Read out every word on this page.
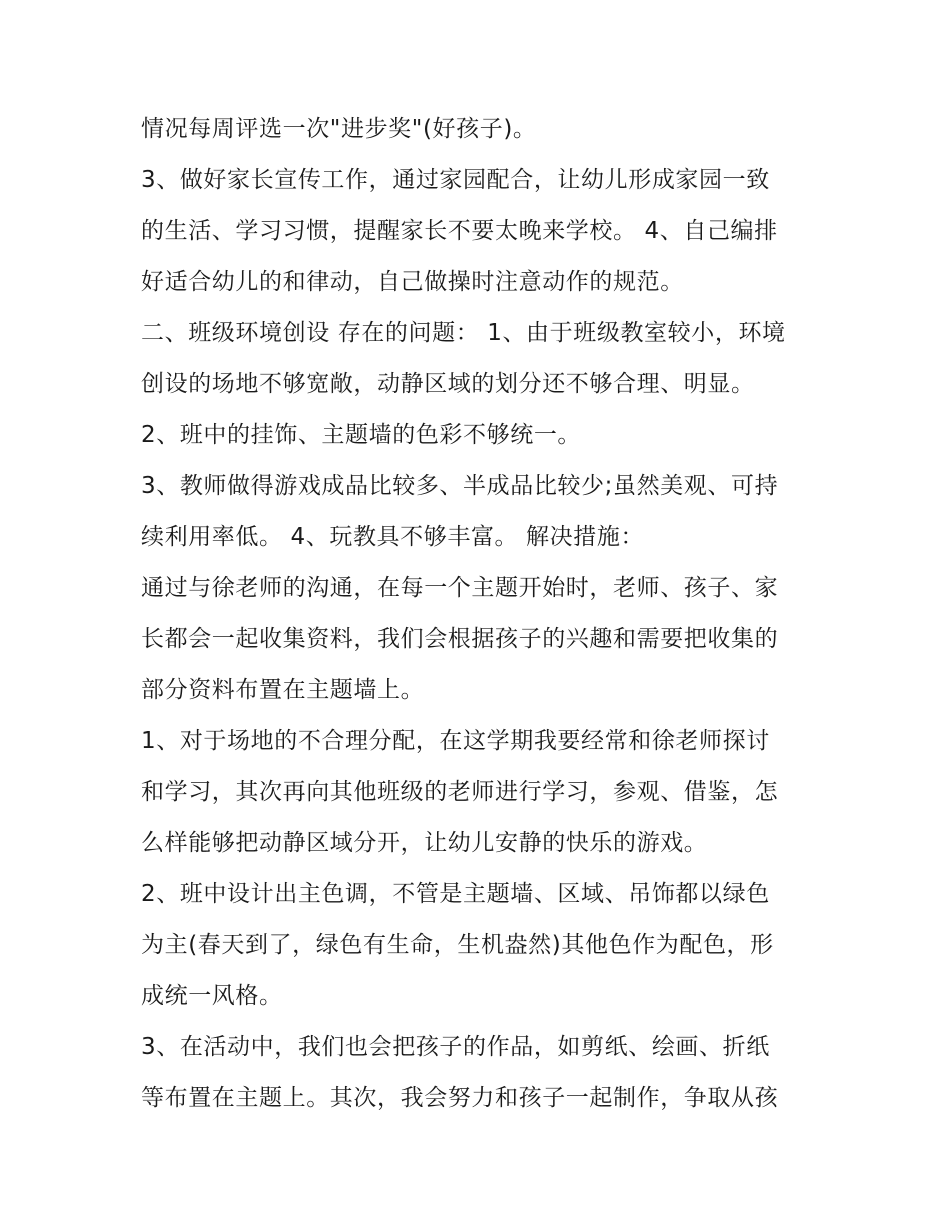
情况每周评选一次"进步奖"(好孩子)。
3、做好家长宣传工作，通过家园配合，让幼儿形成家园一致
的生活、学习习惯，提醒家长不要太晚来学校。 4、自己编排
好适合幼儿的和律动，自己做操时注意动作的规范。
二、班级环境创设 存在的问题： 1、由于班级教室较小，环境
创设的场地不够宽敞，动静区域的划分还不够合理、明显。
2、班中的挂饰、主题墙的色彩不够统一。
3、教师做得游戏成品比较多、半成品比较少;虽然美观、可持
续利用率低。 4、玩教具不够丰富。 解决措施：
通过与徐老师的沟通，在每一个主题开始时，老师、孩子、家
长都会一起收集资料，我们会根据孩子的兴趣和需要把收集的
部分资料布置在主题墙上。
1、对于场地的不合理分配，在这学期我要经常和徐老师探讨
和学习，其次再向其他班级的老师进行学习，参观、借鉴，怎
么样能够把动静区域分开，让幼儿安静的快乐的游戏。
2、班中设计出主色调，不管是主题墙、区域、吊饰都以绿色
为主(春天到了，绿色有生命，生机盎然)其他色作为配色，形
成统一风格。
3、在活动中，我们也会把孩子的作品，如剪纸、绘画、折纸
等布置在主题上。其次，我会努力和孩子一起制作，争取从孩
